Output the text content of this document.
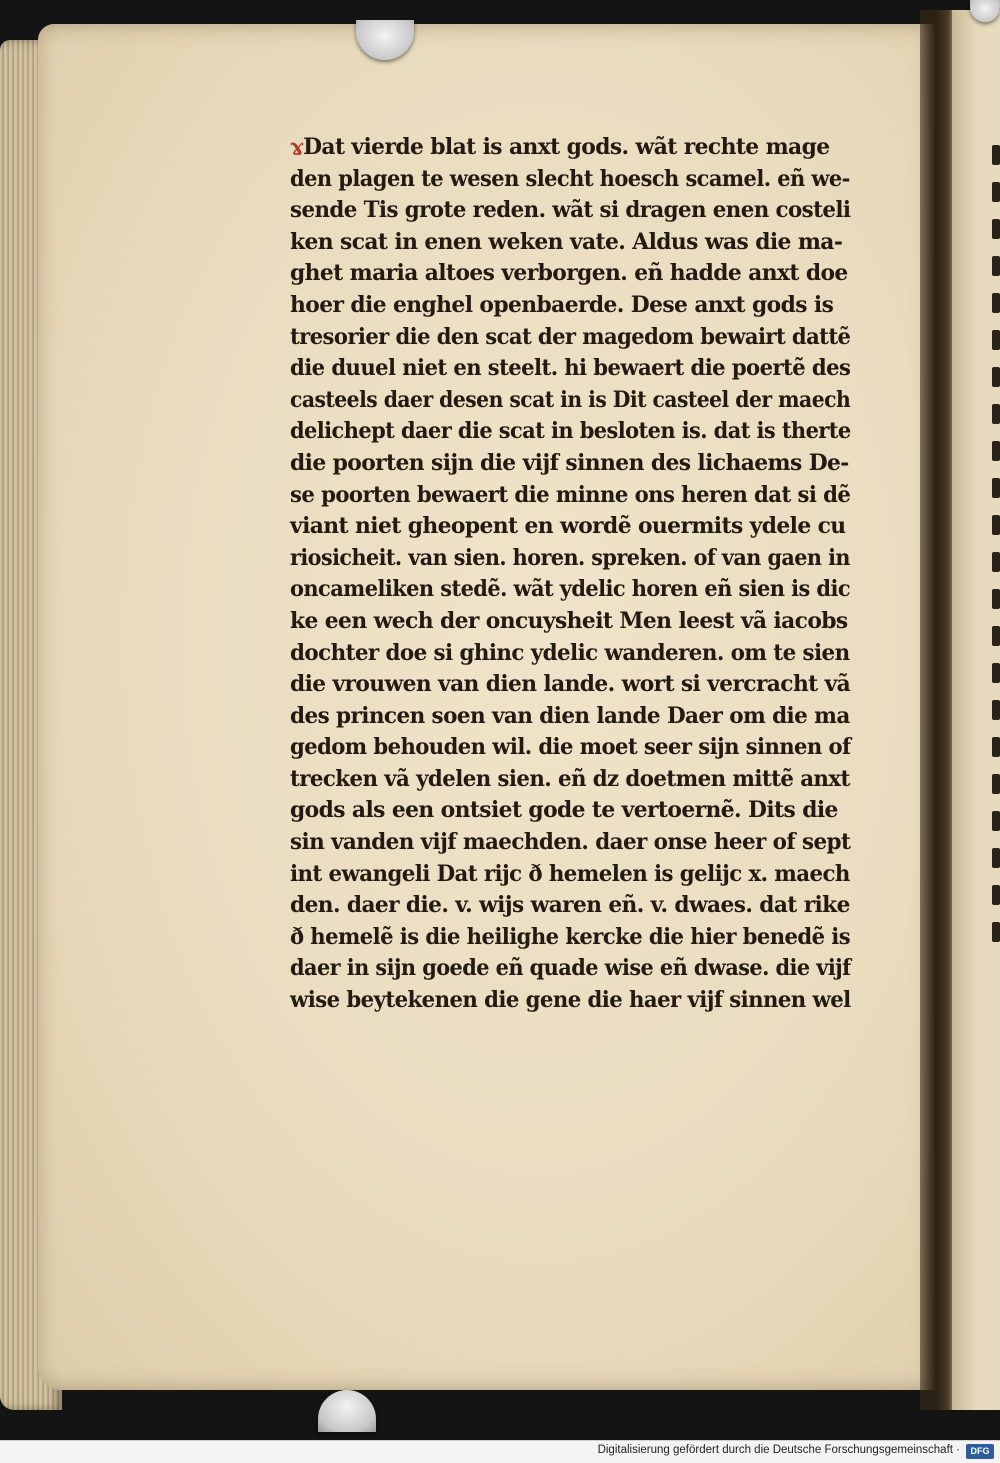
ɤDat vierde blat is anxt gods. wãt rechte mage
den plagen te wesen slecht hoesch scamel. eñ we-
sende Tis grote reden. wãt si dragen enen costeli
ken scat in enen weken vate. Aldus was die ma-
ghet maria altoes verborgen. eñ hadde anxt doe
hoer die enghel openbaerde. Dese anxt gods is
tresorier die den scat der magedom bewairt dattẽ
die duuel niet en steelt. hi bewaert die poertẽ des
casteels daer desen scat in is Dit casteel der maech
delichept daer die scat in besloten is. dat is therte
die poorten sijn die vijf sinnen des lichaems De-
se poorten bewaert die minne ons heren dat si dẽ
viant niet gheopent en wordẽ ouermits ydele cu
riosicheit. van sien. horen. spreken. of van gaen in
oncameliken stedẽ. wãt ydelic horen eñ sien is dic
ke een wech der oncuysheit Men leest vã iacobs
dochter doe si ghinc ydelic wanderen. om te sien
die vrouwen van dien lande. wort si vercracht vã
des princen soen van dien lande Daer om die ma
gedom behouden wil. die moet seer sijn sinnen of
trecken vã ydelen sien. eñ dz doetmen mittẽ anxt
gods als een ontsiet gode te vertoernẽ. Dits die
sin vanden vijf maechden. daer onse heer of sept
int ewangeli Dat rijc ð hemelen is gelijc x. maech
den. daer die. v. wijs waren eñ. v. dwaes. dat rike
ð hemelẽ is die heilighe kercke die hier benedẽ is
daer in sijn goede eñ quade wise eñ dwase. die vijf
wise beytekenen die gene die haer vijf sinnen wel
Digitalisierung gefördert durch die Deutsche Forschungsgemeinschaft ·	DFG
